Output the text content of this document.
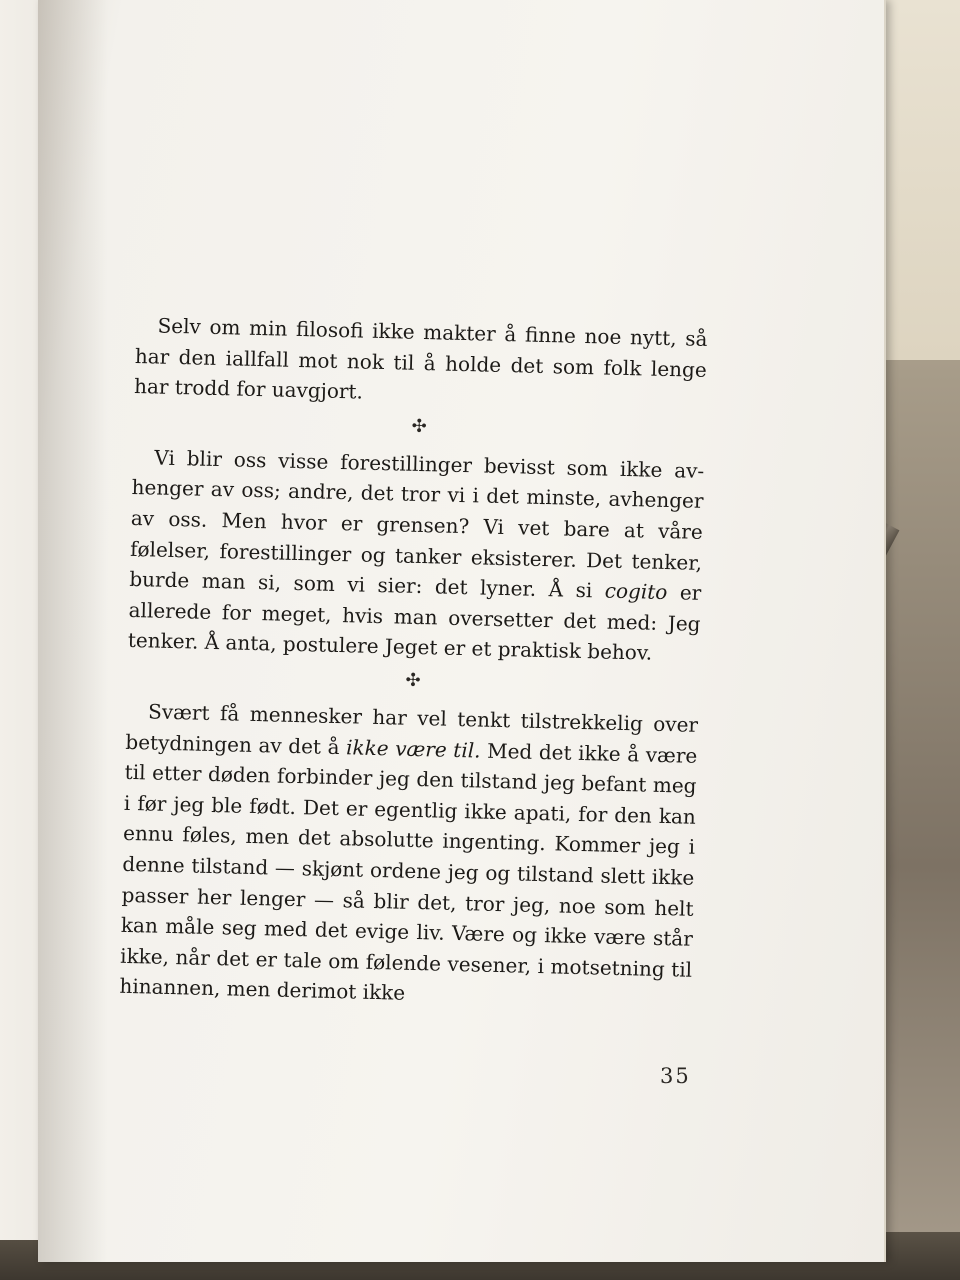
Selv om min filosofi ikke makter å finne noe nytt, så har den iallfall mot nok til å holde det som folk lenge har trodd for uavgjort.

✣

Vi blir oss visse forestillinger bevisst som ikke avhenger av oss; andre, det tror vi i det minste, avhenger av oss. Men hvor er grensen? Vi vet bare at våre følelser, forestillinger og tanker eksisterer. Det tenker, burde man si, som vi sier: det lyner. Å si cogito er allerede for meget, hvis man oversetter det med: Jeg tenker. Å anta, postulere Jeget er et praktisk behov.

✣

Svært få mennesker har vel tenkt tilstrekkelig over betydningen av det å ikke være til. Med det ikke å være til etter døden forbinder jeg den tilstand jeg befant meg i før jeg ble født. Det er egentlig ikke apati, for den kan ennu føles, men det absolutte ingenting. Kommer jeg i denne tilstand — skjønt ordene jeg og tilstand slett ikke passer her lenger — så blir det, tror jeg, noe som helt kan måle seg med det evige liv. Være og ikke være står ikke, når det er tale om følende vesener, i motsetning til hinannen, men derimot ikke

35
